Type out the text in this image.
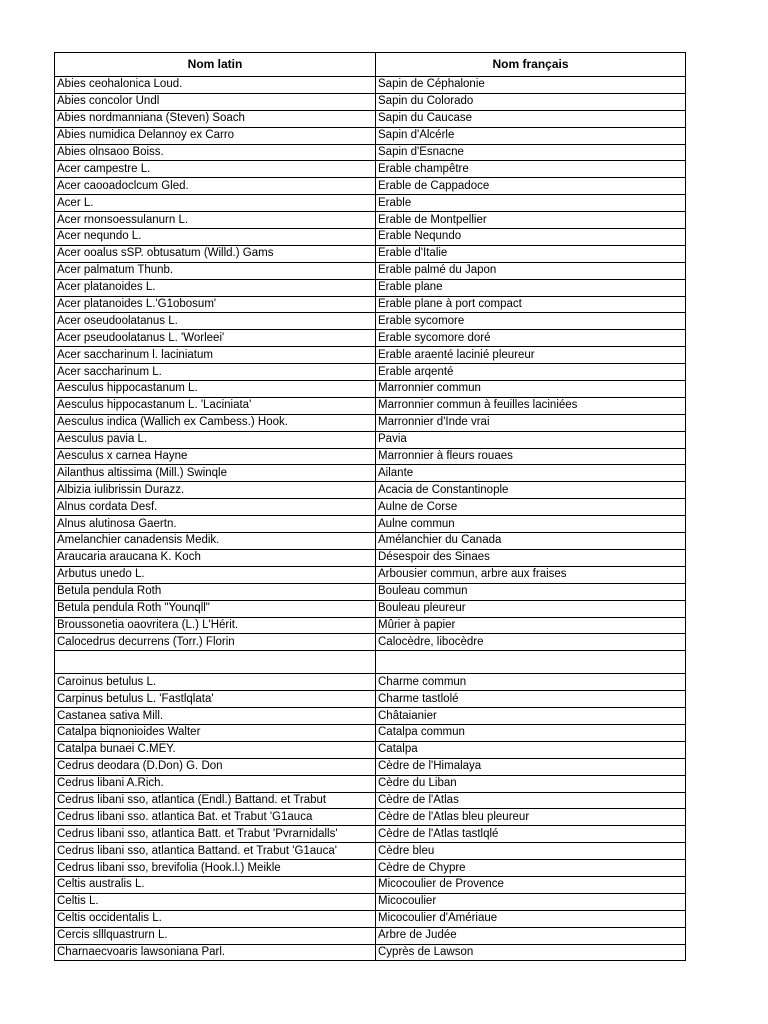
Nom latin	Nom français
Abies ceohalonica Loud.	Sapin de Céphalonie
Abies concolor Undl	Sapin du Colorado
Abies nordmanniana (Steven) Soach	Sapin du Caucase
Abies numidica Delannoy ex Carro	Sapin d'Alcérle
Abies olnsaoo Boiss.	Sapin d'Esnacne
Acer campestre L.	Erable champêtre
Acer caooadoclcum Gled.	Erable de Cappadoce
Acer L.	Erable
Acer rnonsoessulanurn L.	Erable de Montpellier
Acer nequndo L.	Erable Nequndo
Acer ooalus sSP. obtusatum (Willd.) Gams	Erable d'Italie
Acer palmatum Thunb.	Erable palmé du Japon
Acer platanoides L.	Erable plane
Acer platanoides L.'G1obosum'	Erable plane à port compact
Acer oseudoolatanus L.	Erable sycomore
Acer pseudoolatanus L. 'Worleei'	Erable sycomore doré
Acer saccharinum l. laciniatum	Erable araenté lacinié pleureur
Acer saccharinum L.	Erable arqenté
Aesculus hippocastanum L.	Marronnier commun
Aesculus hippocastanum L. 'Laciniata'	Marronnier commun à feuilles laciniées
Aesculus indica (Wallich ex Cambess.) Hook.	Marronnier d'Inde vrai
Aesculus pavia L.	Pavia
Aesculus x carnea Hayne	Marronnier à fleurs rouaes
Ailanthus altissima (Mill.) Swinqle	Ailante
Albizia iulibrissin Durazz.	Acacia de Constantinople
Alnus cordata Desf.	Aulne de Corse
Alnus alutinosa Gaertn.	Aulne commun
Amelanchier canadensis Medik.	Amélanchier du Canada
Araucaria araucana K. Koch	Désespoir des Sinaes
Arbutus unedo L.	Arbousier commun, arbre aux fraises
Betula pendula Roth	Bouleau commun
Betula pendula Roth "Younqll"	Bouleau pleureur
Broussonetia oaovritera (L.) L'Hérit.	Mûrier à papier
Calocedrus decurrens (Torr.) Florin	Calocèdre, libocèdre

Caroinus betulus L.	Charme commun
Carpinus betulus L. 'Fastlqlata'	Charme tastlolé
Castanea sativa Mill.	Châtaianier
Catalpa biqnonioides Walter	Catalpa commun
Catalpa bunaei C.MEY.	Catalpa
Cedrus deodara (D.Don) G. Don	Cèdre de l'Himalaya
Cedrus libani A.Rich.	Cèdre du Liban
Cedrus libani sso, atlantica (Endl.) Battand. et Trabut	Cèdre de l'Atlas
Cedrus libani sso. atlantica Bat. et Trabut 'G1auca	Cèdre de l'Atlas bleu pleureur
Cedrus libani sso, atlantica Batt. et Trabut 'Pvrarnidalls'	Cèdre de l'Atlas tastlqlé
Cedrus libani sso, atlantica Battand. et Trabut 'G1auca'	Cèdre bleu
Cedrus libani sso, brevifolia (Hook.l.) Meikle	Cèdre de Chypre
Celtis australis L.	Micocoulier de Provence
Celtis L.	Micocoulier
Celtis occidentalis L.	Micocoulier d'Amériaue
Cercis slllquastrurn L.	Arbre de Judée
Charnaecvoaris lawsoniana Parl.	Cyprès de Lawson
